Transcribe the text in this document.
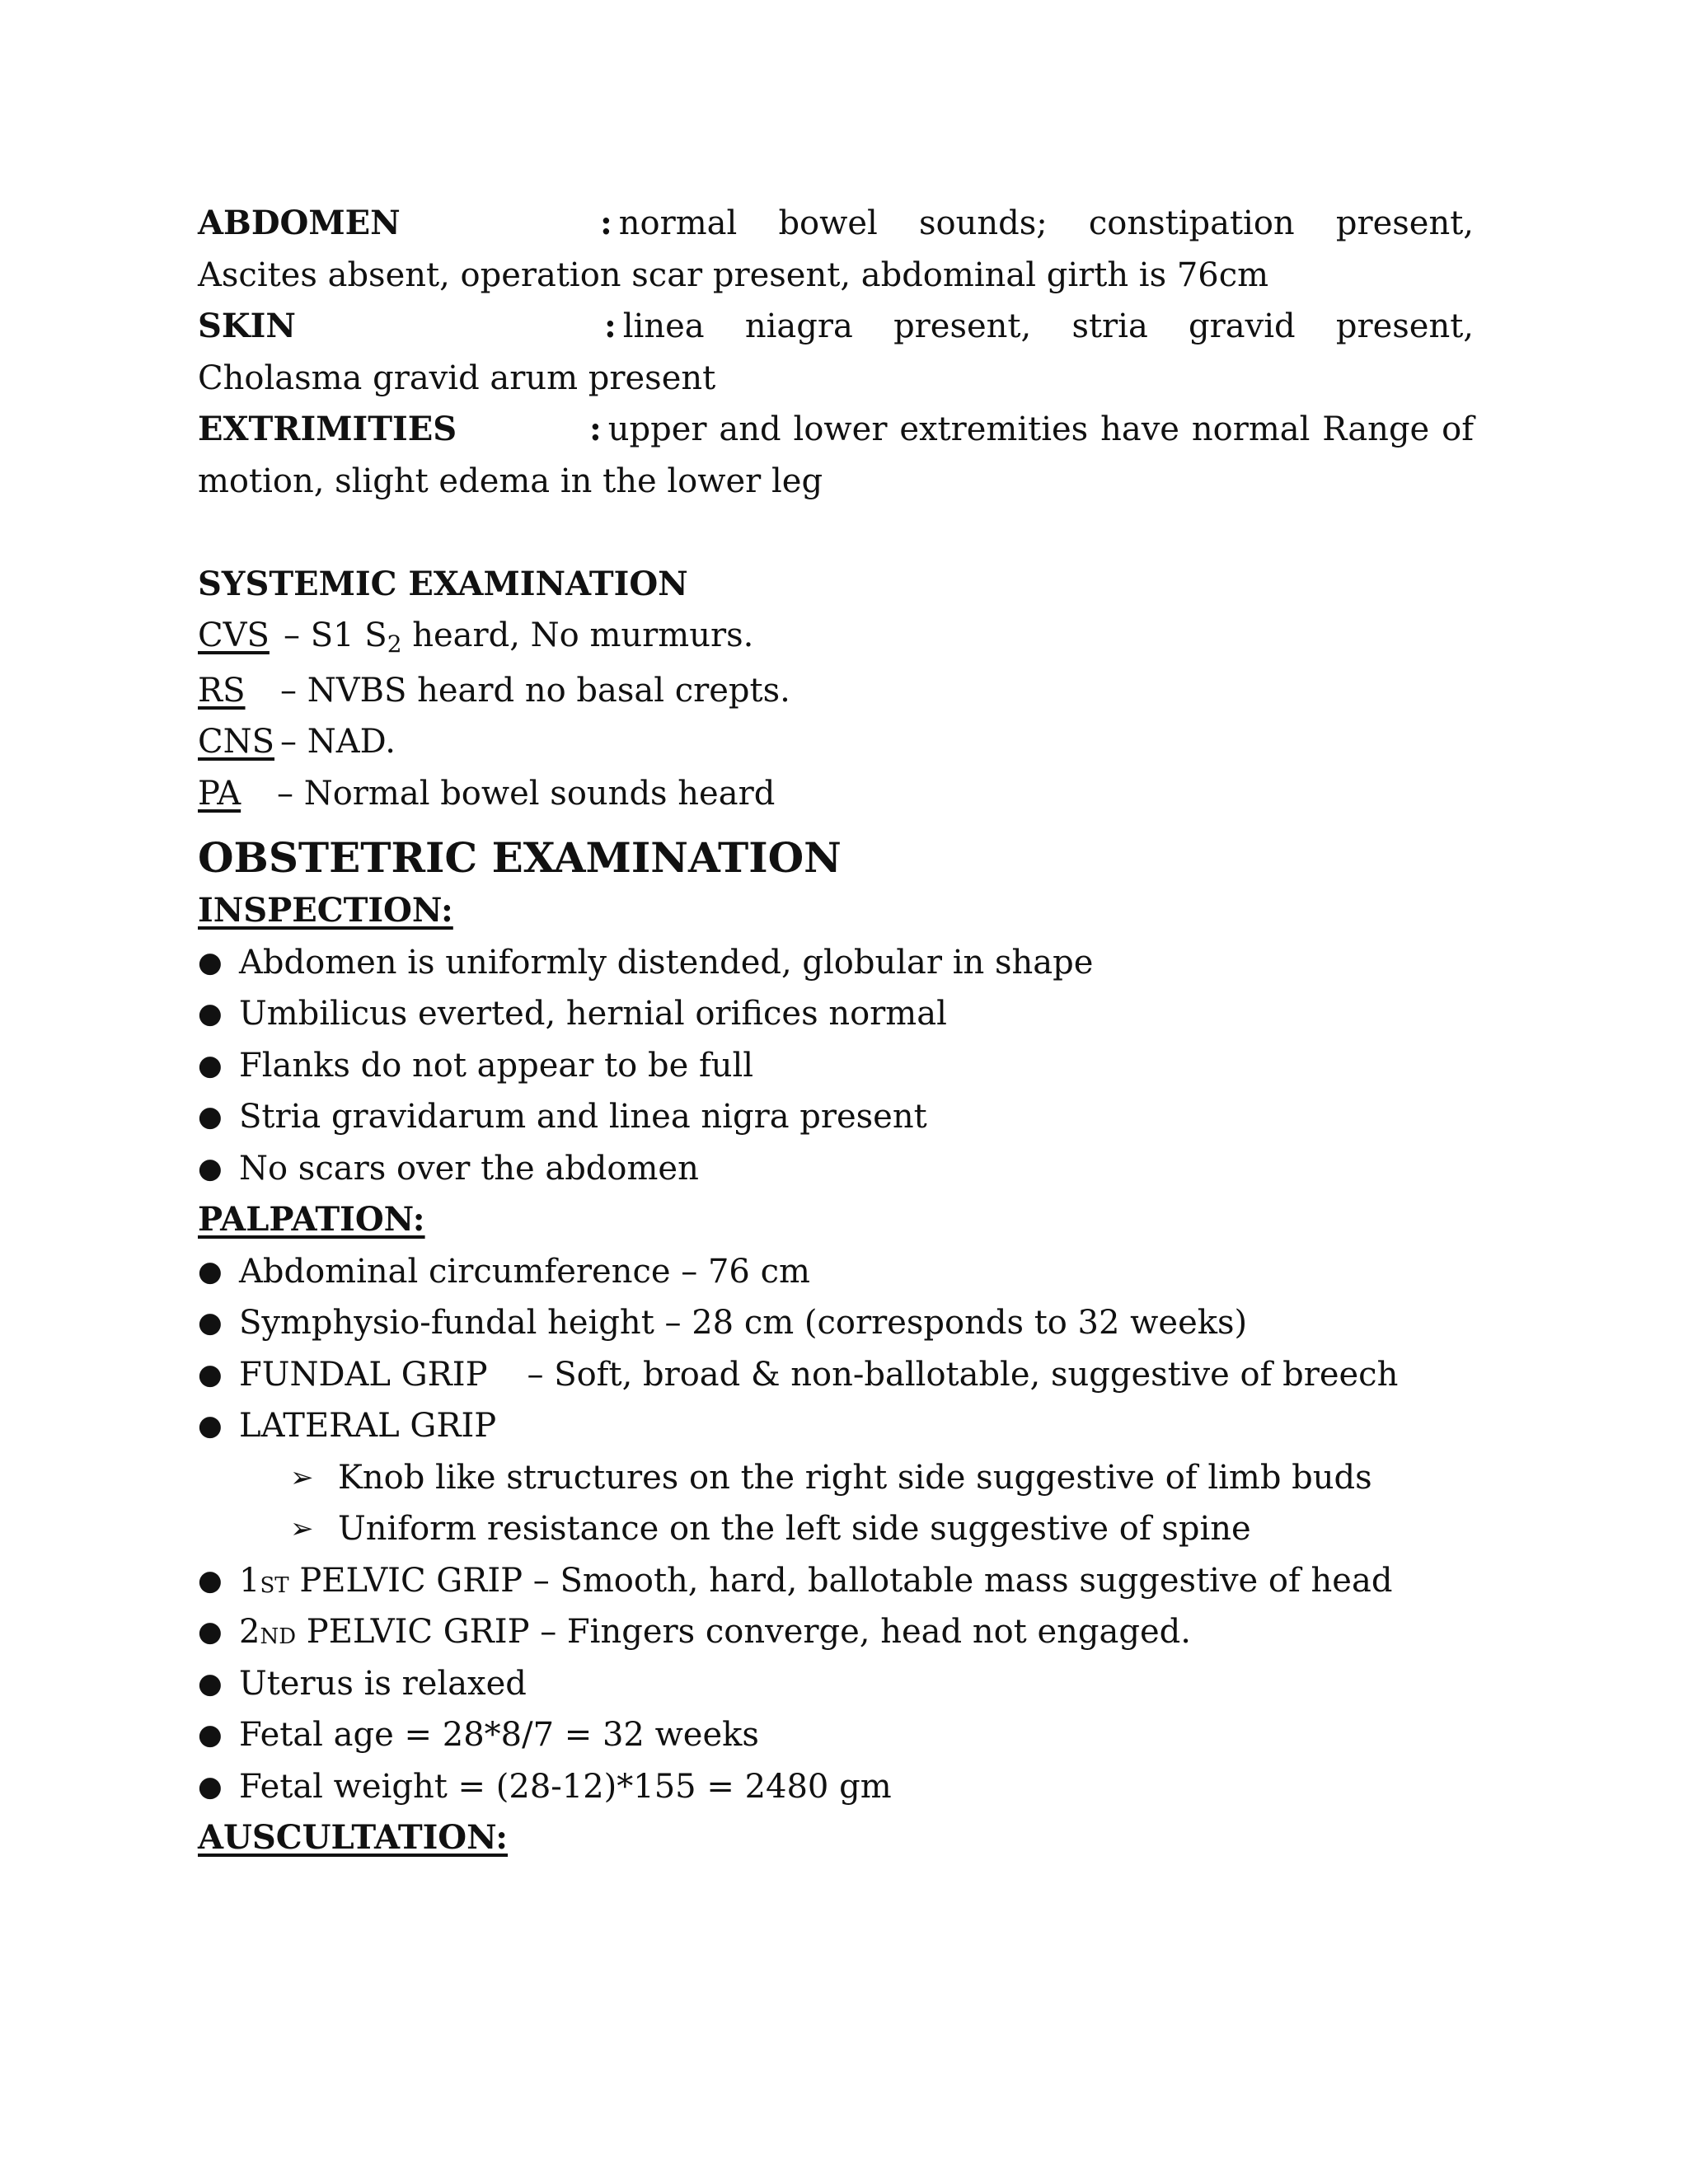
ABDOMEN	: normal bowel sounds; constipation present, Ascites absent, operation scar present, abdominal girth is 76cm
SKIN	: linea niagra present, stria gravid present, Cholasma gravid arum present
EXTRIMITIES	: upper and lower extremities have normal Range of motion, slight edema in the lower leg
SYSTEMIC EXAMINATION
CVS – S1 S2 heard, No murmurs.
RS – NVBS heard no basal crepts.
CNS – NAD.
PA – Normal bowel sounds heard
OBSTETRIC EXAMINATION
INSPECTION:
● Abdomen is uniformly distended, globular in shape
● Umbilicus everted, hernial orifices normal
● Flanks do not appear to be full
● Stria gravidarum and linea nigra present
● No scars over the abdomen
PALPATION:
● Abdominal circumference – 76 cm
● Symphysio-fundal height – 28 cm (corresponds to 32 weeks)
● FUNDAL GRIP – Soft, broad & non-ballotable, suggestive of breech
● LATERAL GRIP
➢ Knob like structures on the right side suggestive of limb buds
➢ Uniform resistance on the left side suggestive of spine
● 1ST PELVIC GRIP – Smooth, hard, ballotable mass suggestive of head
● 2ND PELVIC GRIP – Fingers converge, head not engaged.
● Uterus is relaxed
● Fetal age = 28*8/7 = 32 weeks
● Fetal weight = (28-12)*155 = 2480 gm
AUSCULTATION:
